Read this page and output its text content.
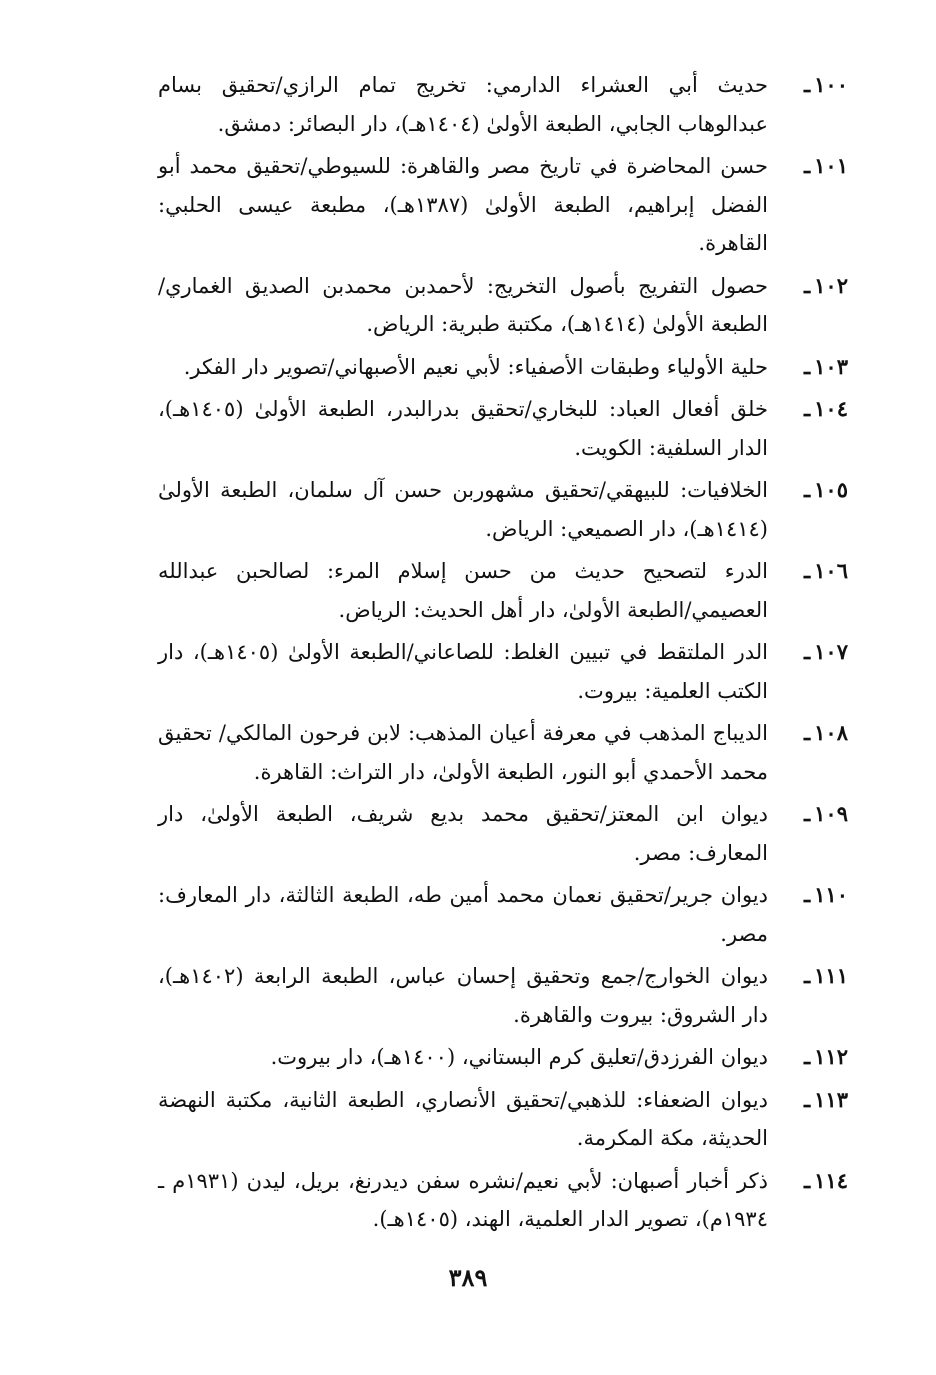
١٠٠ـ
حديث أبي العشراء الدارمي: تخريج تمام الرازي/تحقيق بسام عبدالوهاب الجابي، الطبعة الأولىٰ (١٤٠٤هـ)، دار البصائر: دمشق.
١٠١ـ
حسن المحاضرة في تاريخ مصر والقاهرة: للسيوطي/تحقيق محمد أبو الفضل إبراهيم، الطبعة الأولىٰ (١٣٨٧هـ)، مطبعة عيسى الحلبي: القاهرة.
١٠٢ـ
حصول التفريج بأصول التخريج: لأحمدبن محمدبن الصديق الغماري/ الطبعة الأولىٰ (١٤١٤هـ)، مكتبة طبرية: الرياض.
١٠٣ـ
حلية الأولياء وطبقات الأصفياء: لأبي نعيم الأصبهاني/تصوير دار الفكر.
١٠٤ـ
خلق أفعال العباد: للبخاري/تحقيق بدرالبدر، الطبعة الأولىٰ (١٤٠٥هـ)، الدار السلفية: الكويت.
١٠٥ـ
الخلافيات: للبيهقي/تحقيق مشهوربن حسن آل سلمان، الطبعة الأولىٰ (١٤١٤هـ)، دار الصميعي: الرياض.
١٠٦ـ
الدرء لتصحيح حديث من حسن إسلام المرء: لصالحبن عبدالله العصيمي/الطبعة الأولىٰ، دار أهل الحديث: الرياض.
١٠٧ـ
الدر الملتقط في تبيين الغلط: للصاعاني/الطبعة الأولىٰ (١٤٠٥هـ)، دار الكتب العلمية: بيروت.
١٠٨ـ
الديباج المذهب في معرفة أعيان المذهب: لابن فرحون المالكي/ تحقيق محمد الأحمدي أبو النور، الطبعة الأولىٰ، دار التراث: القاهرة.
١٠٩ـ
ديوان ابن المعتز/تحقيق محمد بديع شريف، الطبعة الأولىٰ، دار المعارف: مصر.
١١٠ـ
ديوان جرير/تحقيق نعمان محمد أمين طه، الطبعة الثالثة، دار المعارف: مصر.
١١١ـ
ديوان الخوارج/جمع وتحقيق إحسان عباس، الطبعة الرابعة (١٤٠٢هـ)، دار الشروق: بيروت والقاهرة.
١١٢ـ
ديوان الفرزدق/تعليق كرم البستاني، (١٤٠٠هـ)، دار بيروت.
١١٣ـ
ديوان الضعفاء: للذهبي/تحقيق الأنصاري، الطبعة الثانية، مكتبة النهضة الحديثة، مكة المكرمة.
١١٤ـ
ذكر أخبار أصبهان: لأبي نعيم/نشره سفن ديدرنغ، بريل، ليدن (١٩٣١م ـ ١٩٣٤م)، تصوير الدار العلمية، الهند، (١٤٠٥هـ).
٣٨٩
